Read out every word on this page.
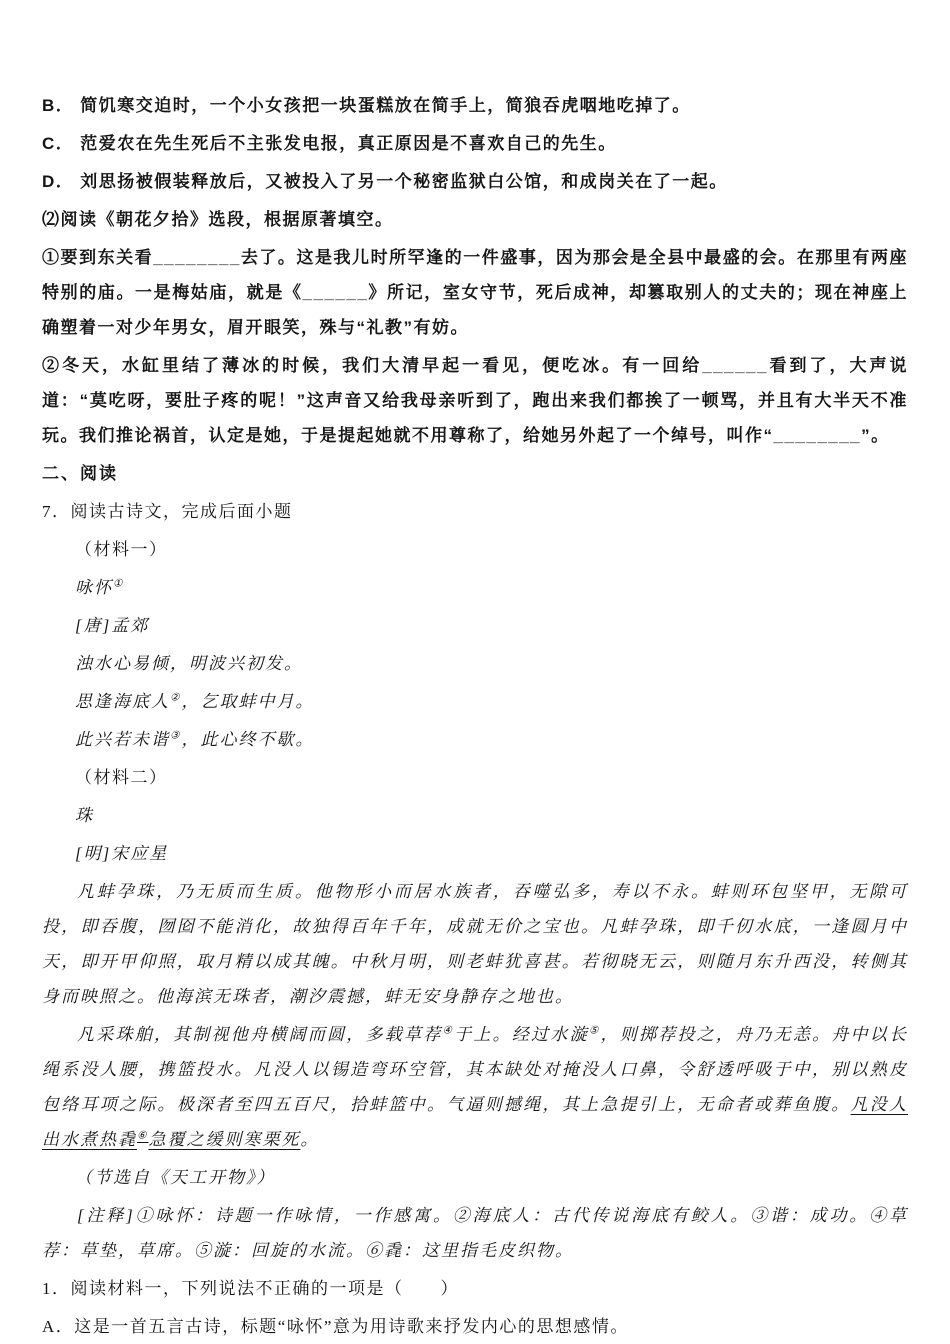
B． 简饥寒交迫时，一个小女孩把一块蛋糕放在简手上，简狼吞虎咽地吃掉了。

C． 范爱农在先生死后不主张发电报，真正原因是不喜欢自己的先生。

D． 刘思扬被假装释放后，又被投入了另一个秘密监狱白公馆，和成岗关在了一起。

⑵阅读《朝花夕拾》选段，根据原著填空。

①要到东关看________去了。这是我儿时所罕逢的一件盛事，因为那会是全县中最盛的会。在那里有两座特别的庙。一是梅姑庙，就是《______》所记，室女守节，死后成神，却篡取别人的丈夫的；现在神座上确塑着一对少年男女，眉开眼笑，殊与“礼教”有妨。

②冬天，水缸里结了薄冰的时候，我们大清早起一看见，便吃冰。有一回给______看到了，大声说道：“莫吃呀，要肚子疼的呢！”这声音又给我母亲听到了，跑出来我们都挨了一顿骂，并且有大半天不准玩。我们推论祸首，认定是她，于是提起她就不用尊称了，给她另外起了一个绰号，叫作“________”。

二、阅读

7．阅读古诗文，完成后面小题

（材料一）

咏怀①

[唐]孟郊

浊水心易倾，明波兴初发。

思逢海底人②，乞取蚌中月。

此兴若未谐③，此心终不歇。

（材料二）

珠

[明]宋应星

凡蚌孕珠，乃无质而生质。他物形小而居水族者，吞噬弘多，寿以不永。蚌则环包坚甲，无隙可投，即吞腹，囫囵不能消化，故独得百年千年，成就无价之宝也。凡蚌孕珠，即千仞水底，一逢圆月中天，即开甲仰照，取月精以成其魄。中秋月明，则老蚌犹喜甚。若彻晓无云，则随月东升西没，转侧其身而映照之。他海滨无珠者，潮汐震撼，蚌无安身静存之地也。

凡采珠舶，其制视他舟横阔而圆，多载草荐④于上。经过水漩⑤，则掷荐投之，舟乃无恙。舟中以长绳系没人腰，携篮投水。凡没人以锡造弯环空管，其本缺处对掩没人口鼻，令舒透呼吸于中，别以熟皮包络耳项之际。极深者至四五百尺，拾蚌篮中。气逼则撼绳，其上急提引上，无命者或葬鱼腹。凡没人出水煮热毳⑥急覆之缓则寒栗死。

（节选自《天工开物》）

[注释]①咏怀：诗题一作咏情，一作感寓。②海底人：古代传说海底有鲛人。③谐：成功。④草荐：草垫，草席。⑤漩：回旋的水流。⑥毳：这里指毛皮织物。

1．阅读材料一，下列说法不正确的一项是（　　）

A．这是一首五言古诗，标题“咏怀”意为用诗歌来抒发内心的思想感情。
